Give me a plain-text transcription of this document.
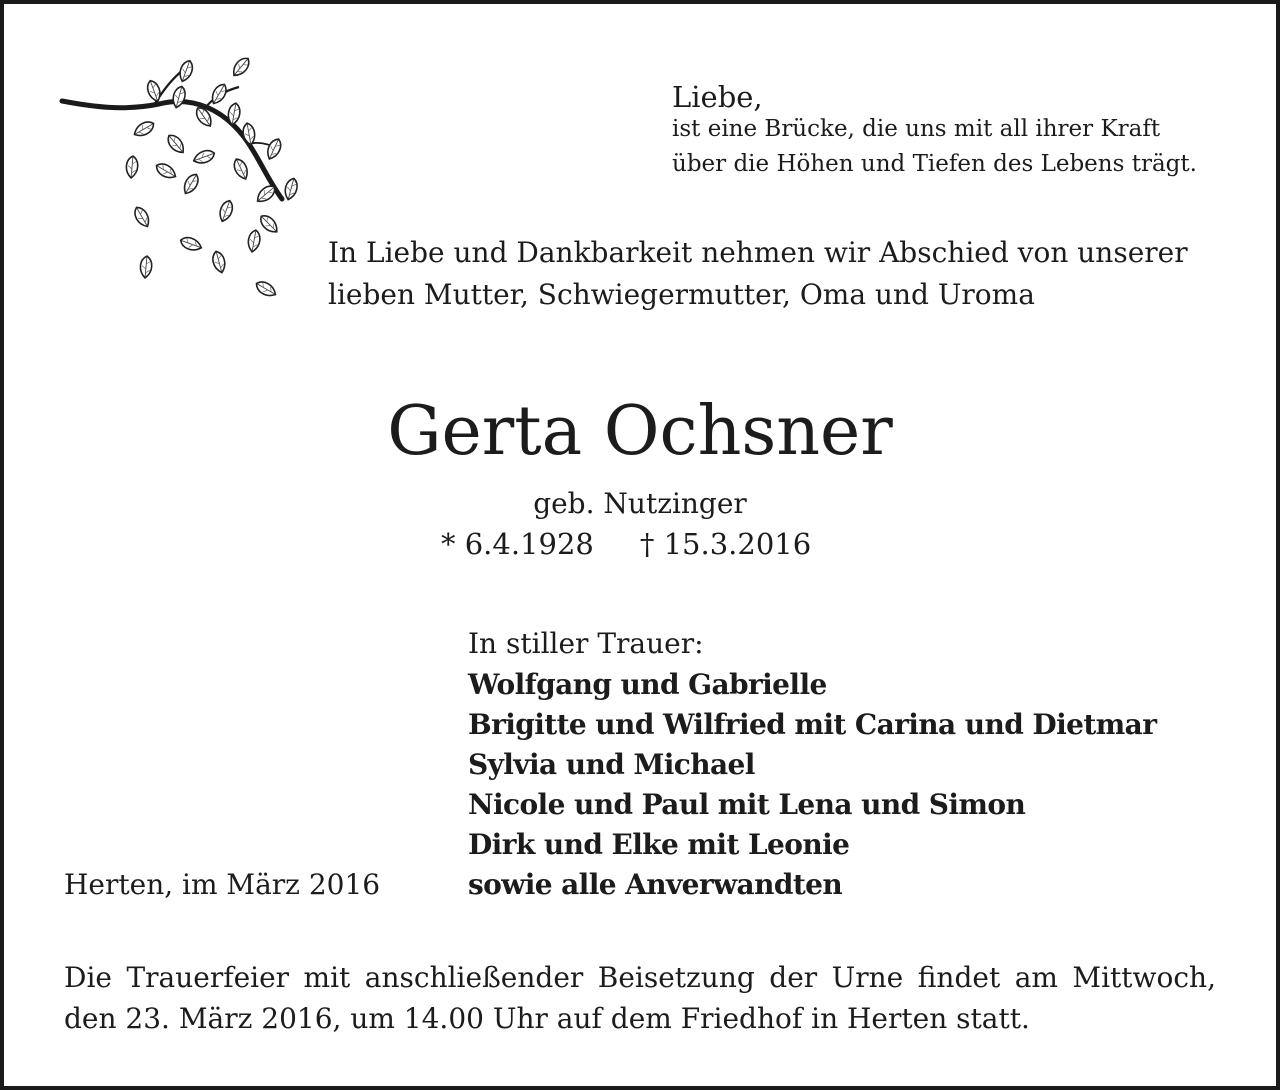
Liebe,
ist eine Brücke, die uns mit all ihrer Kraft
über die Höhen und Tiefen des Lebens trägt.
In Liebe und Dankbarkeit nehmen wir Abschied von unserer
lieben Mutter, Schwiegermutter, Oma und Uroma
Gerta Ochsner
geb. Nutzinger
* 6.4.1928 † 15.3.2016
In stiller Trauer:
Wolfgang und Gabrielle
Brigitte und Wilfried mit Carina und Dietmar
Sylvia und Michael
Nicole und Paul mit Lena und Simon
Dirk und Elke mit Leonie
sowie alle Anverwandten
Herten, im März 2016
Die Trauerfeier mit anschließender Beisetzung der Urne findet am Mittwoch,
den 23. März 2016, um 14.00 Uhr auf dem Friedhof in Herten statt.
